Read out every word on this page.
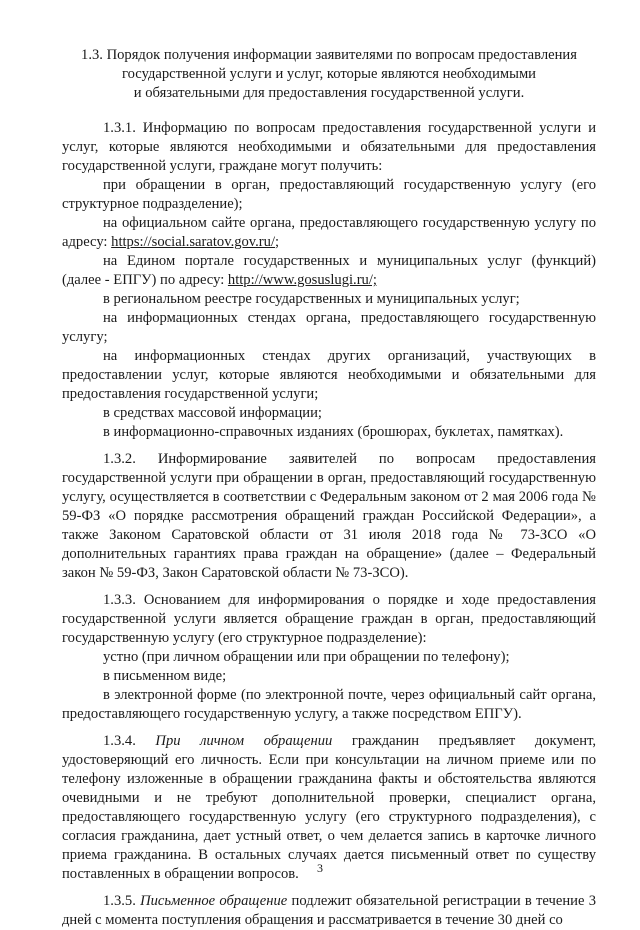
1.3. Порядок получения информации заявителями по вопросам предоставления
государственной услуги и услуг, которые являются необходимыми
и обязательными для предоставления государственной услуги.

1.3.1. Информацию по вопросам предоставления государственной услуги и услуг, которые являются необходимыми и обязательными для предоставления государственной услуги, граждане могут получить:

при обращении в орган, предоставляющий государственную услугу (его структурное подразделение);

на официальном сайте органа, предоставляющего государственную услугу по адресу: https://social.saratov.gov.ru/;

на Едином портале государственных и муниципальных услуг (функций) (далее - ЕПГУ) по адресу: http://www.gosuslugi.ru/;

в региональном реестре государственных и муниципальных услуг;

на информационных стендах органа, предоставляющего государственную услугу;

на информационных стендах других организаций, участвующих в предоставлении услуг, которые являются необходимыми и обязательными для предоставления государственной услуги;

в средствах массовой информации;

в информационно-справочных изданиях (брошюрах, буклетах, памятках).

1.3.2. Информирование заявителей по вопросам предоставления государственной услуги при обращении в орган, предоставляющий государственную услугу, осуществляется в соответствии с Федеральным законом от 2 мая 2006 года № 59-ФЗ «О порядке рассмотрения обращений граждан Российской Федерации», а также Законом Саратовской области от 31 июля 2018 года № 73-ЗСО «О дополнительных гарантиях права граждан на обращение» (далее – Федеральный закон № 59-ФЗ, Закон Саратовской области № 73-ЗСО).

1.3.3. Основанием для информирования о порядке и ходе предоставления государственной услуги является обращение граждан в орган, предоставляющий государственную услугу (его структурное подразделение):

устно (при личном обращении или при обращении по телефону);

в письменном виде;

в электронной форме (по электронной почте, через официальный сайт органа, предоставляющего государственную услугу, а также посредством ЕПГУ).

1.3.4. При личном обращении гражданин предъявляет документ, удостоверяющий его личность. Если при консультации на личном приеме или по телефону изложенные в обращении гражданина факты и обстоятельства являются очевидными и не требуют дополнительной проверки, специалист органа, предоставляющего государственную услугу (его структурного подразделения), с согласия гражданина, дает устный ответ, о чем делается запись в карточке личного приема гражданина. В остальных случаях дается письменный ответ по существу поставленных в обращении вопросов.

1.3.5. Письменное обращение подлежит обязательной регистрации в течение 3 дней с момента поступления обращения и рассматривается в течение 30 дней со

3
